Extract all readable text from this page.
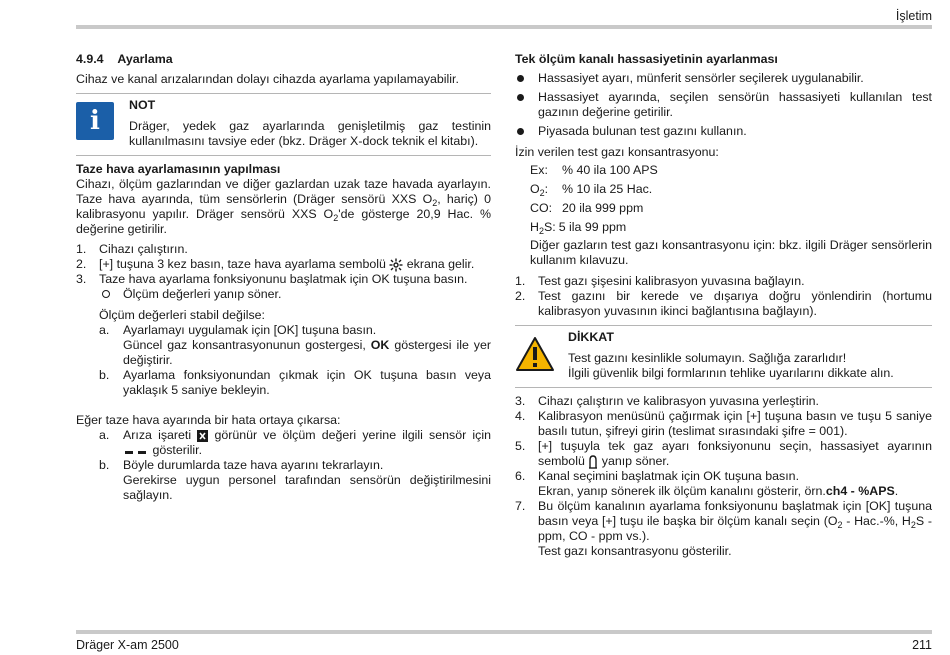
İşletim

4.9.4 Ayarlama

Cihaz ve kanal arızalarından dolayı cihazda ayarlama yapılamayabilir.

i

NOT

Dräger, yedek gaz ayarlarında genişletilmiş gaz testinin kullanılmasını tavsiye eder (bkz. Dräger X-dock teknik el kitabı).

Taze hava ayarlamasının yapılması

Cihazı, ölçüm gazlarından ve diğer gazlardan uzak taze havada ayarlayın. Taze hava ayarında, tüm sensörlerin (Dräger sensörü XXS $O_2$, hariç) 0 kalibrasyonu yapılır. Dräger sensörü XXS $O_2'de$ gösterge 20,9 Hac. % değerine getirilir.

1. Cihazı çalıştırın.
2. [+] tuşuna 3 kez basın, taze hava ayarlama sembolü ekrana gelir.
3. Taze hava ayarlama fonksiyonunu başlatmak için OK tuşuna basın.
Ölçüm değerleri yanıp söner.

Ölçüm değerleri stabil değilse:

a. Ayarlamayı uygulamak için [OK] tuşuna basın.

Güncel gaz konsantrasyonunun gostergesi, OK göstergesi ile yer değiştirir.

b. Ayarlama fonksiyonundan çıkmak için OK tuşuna basın veya yaklaşık 5 saniye bekleyin.

Eğer taze hava ayarında bir hata ortaya çıkarsa:

a. Arıza işareti görünür ve ölçüm değeri yerine ilgili sensör için  gösterilir.
b. Böyle durumlarda taze hava ayarını tekrarlayın.

Gerekirse uygun personel tarafından sensörün değiştirilmesini sağlayın.

Tek ölçüm kanalı hassasiyetinin ayarlanması

Hassasiyet ayarı, münferit sensörler seçilerek uygulanabilir.
Hassasiyet ayarında, seçilen sensörün hassasiyeti kullanılan test gazının değerine getirilir.
Piyasada bulunan test gazını kullanın.

İzin verilen test gazı konsantrasyonu:

Ex:	% 40 ila 100 APS
$O_2$:	% 10 ila 25 Hac.
CO: 20 ila 999 ppm
$H_2S$: 5 ila 99 ppm

Diğer gazların test gazı konsantrasyonu için: bkz. ilgili Dräger sensörlerin kullanım kılavuzu.

1. Test gazı şişesini kalibrasyon yuvasına bağlayın.
2. Test gazını bir kerede ve dışarıya doğru yönlendirin (hortumu kalibrasyon yuvasının ikinci bağlantısına bağlayın).

DİKKAT

Test gazını kesinlikle solumayın. Sağlığa zararlıdır!

İlgili güvenlik bilgi formlarının tehlike uyarılarını dikkate alın.

3. Cihazı çalıştırın ve kalibrasyon yuvasına yerleştirin.
4. Kalibrasyon menüsünü çağırmak için [+] tuşuna basın ve tuşu 5 saniye basılı tutun, şifreyi girin (teslimat sırasındaki şifre = 001).
5. [+] tuşuyla tek gaz ayarı fonksiyonunu seçin, hassasiyet ayarının sembolü yanıp söner.
6. Kanal seçimini başlatmak için OK tuşuna basın.

Ekran, yanıp sönerek ilk ölçüm kanalını gösterir, örn.ch4 - %APS.

7. Bu ölçüm kanalının ayarlama fonksiyonunu başlatmak için [OK] tuşuna basın veya [+] tuşu ile başka bir ölçüm kanalı seçin ($O_2 - Hac.-\%$, $H_2S$ - ppm, CO - ppm vs.).

Test gazı konsantrasyonu gösterilir.

Dräger X-am 2500	211
